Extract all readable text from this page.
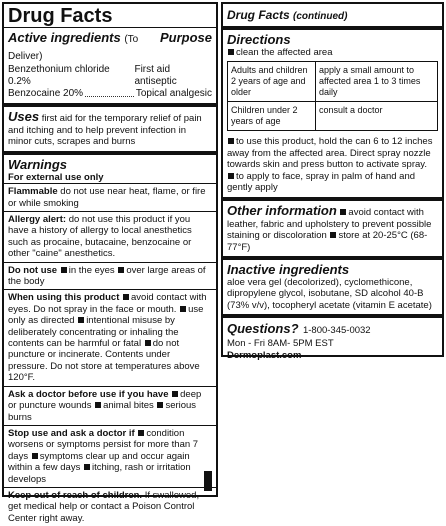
Drug Facts
Active ingredients (To Deliver)
Purpose
Benzethonium chloride 0.2%
First aid antiseptic
Benzocaine 20%	Topical analgesic
Uses first aid for the temporary relief of pain and itching and to help prevent infection in minor cuts, scrapes and burns
Warnings
For external use only
Flammable do not use near heat, flame, or fire or while smoking
Allergy alert: do not use this product if you have a history of allergy to local anesthetics such as procaine, butacaine, benzocaine or other "caine" anesthetics.
Do not use in the eyes over large areas of the body
When using this product avoid contact with eyes. Do not spray in the face or mouth. use only as directed intentional misuse by deliberately concentrating or inhaling the contents can be harmful or fatal do not puncture or incinerate. Contents under pressure. Do not store at temperatures above 120°F.
Ask a doctor before use if you have deep or puncture wounds animal bites serious burns
Stop use and ask a doctor if condition worsens or symptoms persist for more than 7 days symptoms clear up and occur again within a few days itching, rash or irritation develops
Keep out of reach of children. If swallowed, get medical help or contact a Poison Control Center right away.
Drug Facts (continued)
Directions
clean the affected area
Adults and children 2 years of age and older
apply a small amount to affected area 1 to 3 times daily
Children under 2 years of age
consult a doctor
to use this product, hold the can 6 to 12 inches away from the affected area. Direct spray nozzle towards skin and press button to activate spray. to apply to face, spray in palm of hand and gently apply
Other information avoid contact with leather, fabric and upholstery to prevent possible staining or discoloration store at 20-25°C (68-77°F)
Inactive ingredients
aloe vera gel (decolorized), cyclomethicone, dipropylene glycol, isobutane, SD alcohol 40-B (73% v/v), tocopheryl acetate (vitamin E acetate)
Questions? 1-800-345-0032
Mon - Fri 8AM- 5PM EST
Dermoplast.com
